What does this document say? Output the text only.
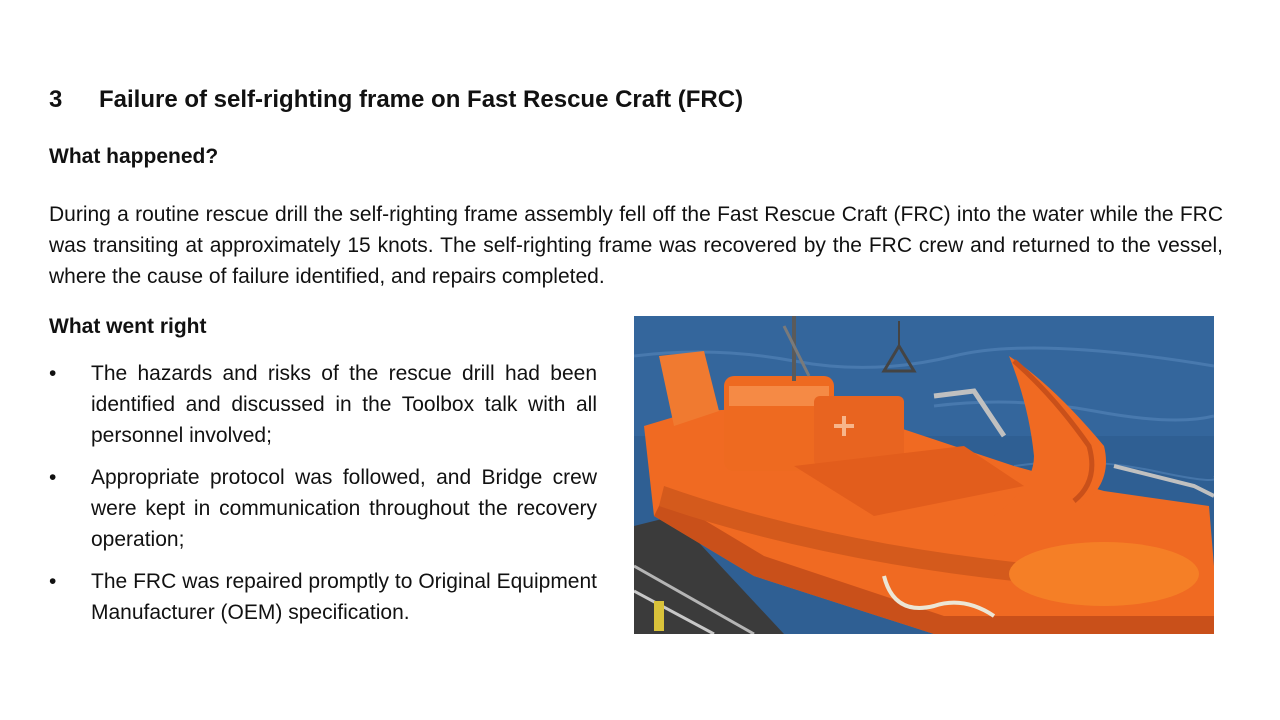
3	Failure of self-righting frame on Fast Rescue Craft (FRC)
What happened?

During a routine rescue drill the self-righting frame assembly fell off the Fast Rescue Craft (FRC) into the water while the FRC was transiting at approximately 15 knots. The self-righting frame was recovered by the FRC crew and returned to the vessel, where the cause of failure identified, and repairs completed.

What went right
•	The hazards and risks of the rescue drill had been identified and discussed in the Toolbox talk with all personnel involved;
•	Appropriate protocol was followed, and Bridge crew were kept in communication throughout the recovery operation;
•	The FRC was repaired promptly to Original Equipment Manufacturer (OEM) specification.
